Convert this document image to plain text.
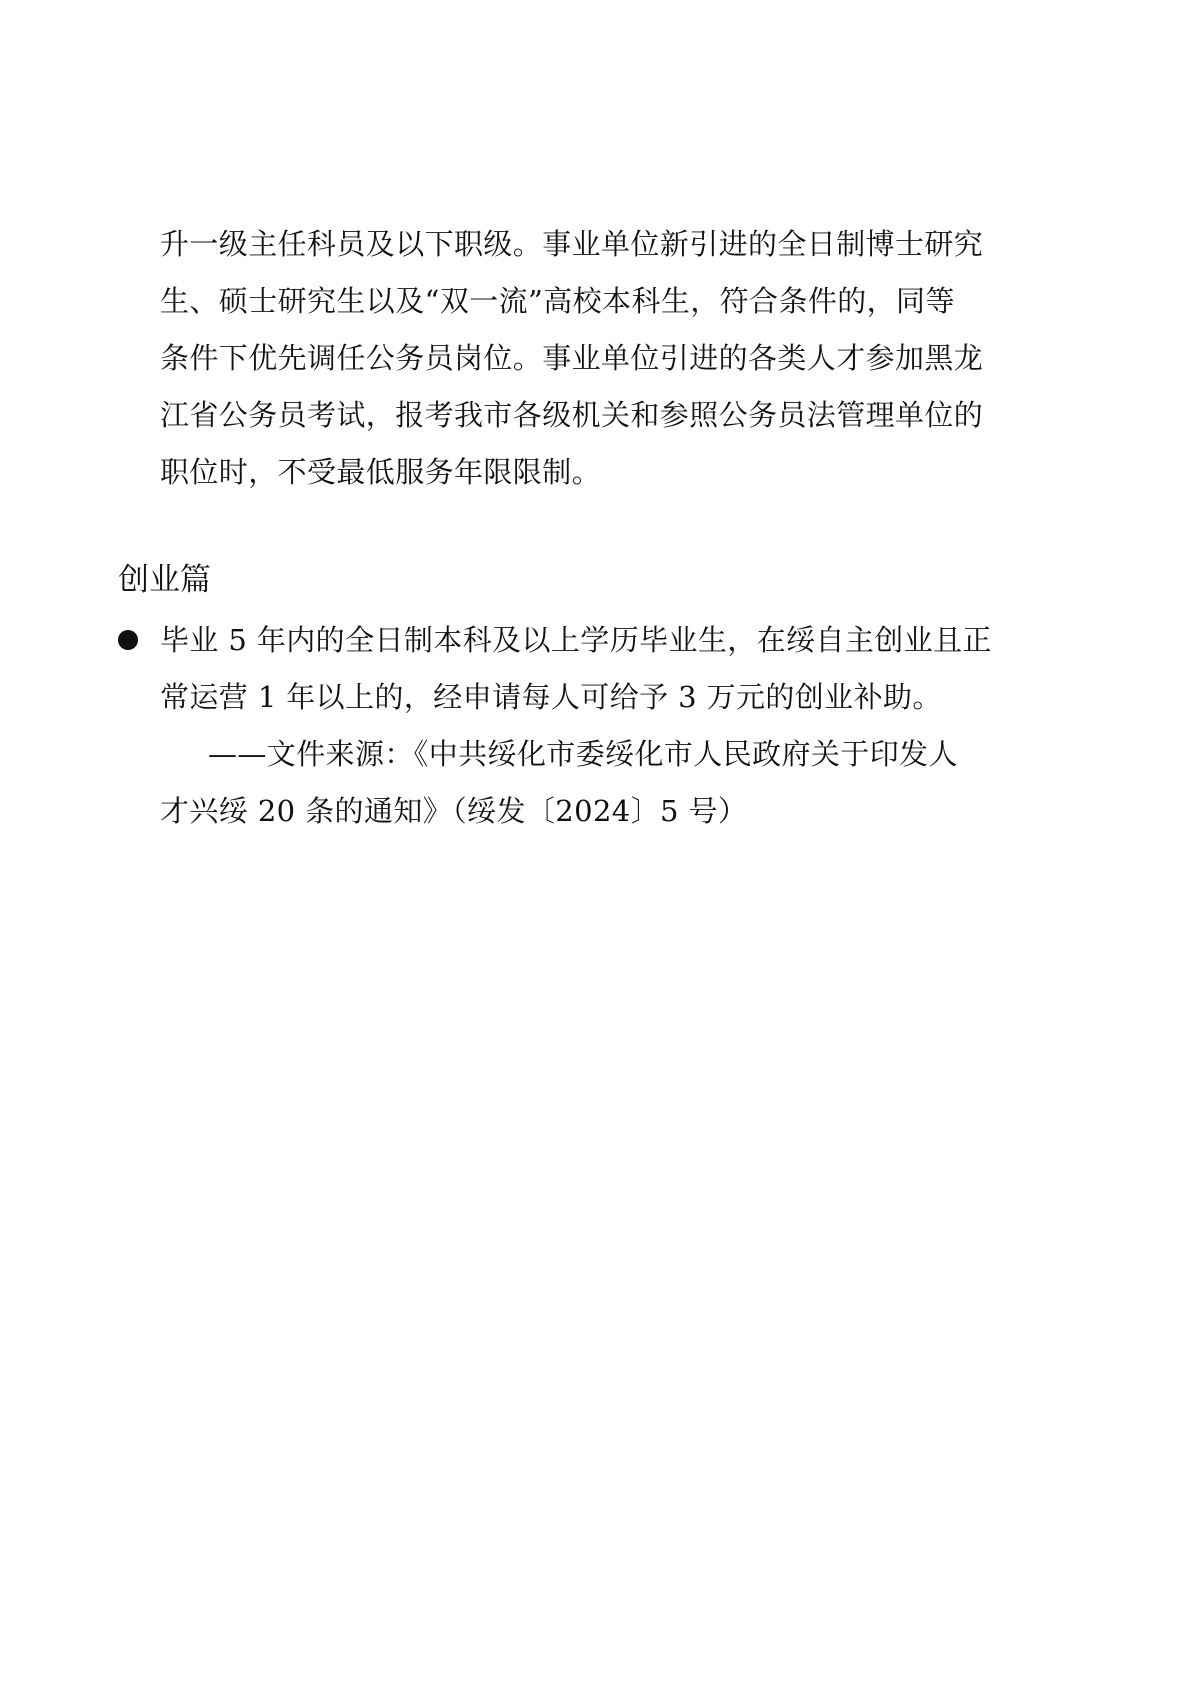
升一级主任科员及以下职级。事业单位新引进的全日制博士研究
生、硕士研究生以及“双一流”高校本科生，符合条件的，同等
条件下优先调任公务员岗位。事业单位引进的各类人才参加黑龙
江省公务员考试，报考我市各级机关和参照公务员法管理单位的
职位时，不受最低服务年限限制。
创业篇
毕业 5 年内的全日制本科及以上学历毕业生，在绥自主创业且正
常运营 1 年以上的，经申请每人可给予 3 万元的创业补助。
——文件来源：《中共绥化市委绥化市人民政府关于印发人
才兴绥 20 条的通知》（绥发〔2024〕5 号）
